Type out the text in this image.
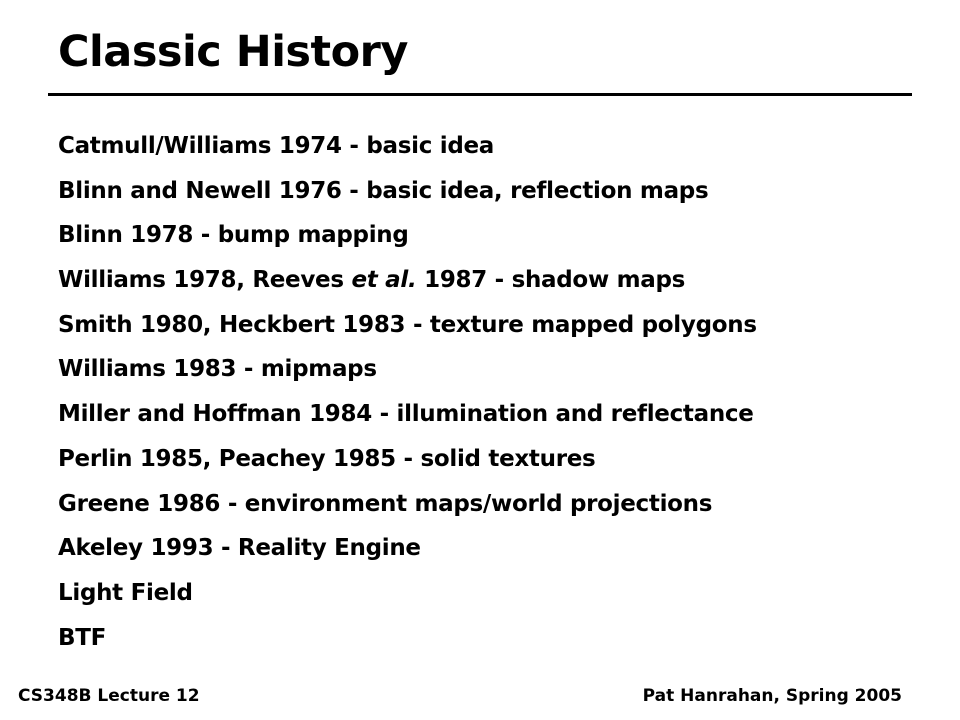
Classic History
Catmull/Williams 1974 - basic idea
Blinn and Newell 1976 - basic idea, reflection maps
Blinn 1978 - bump mapping
Williams 1978, Reeves et al. 1987 - shadow maps
Smith 1980, Heckbert 1983 - texture mapped polygons
Williams 1983 - mipmaps
Miller and Hoffman 1984 - illumination and reflectance
Perlin 1985, Peachey 1985 - solid textures
Greene 1986 - environment maps/world projections
Akeley 1993 - Reality Engine
Light Field
BTF
CS348B Lecture 12	Pat Hanrahan, Spring 2005
